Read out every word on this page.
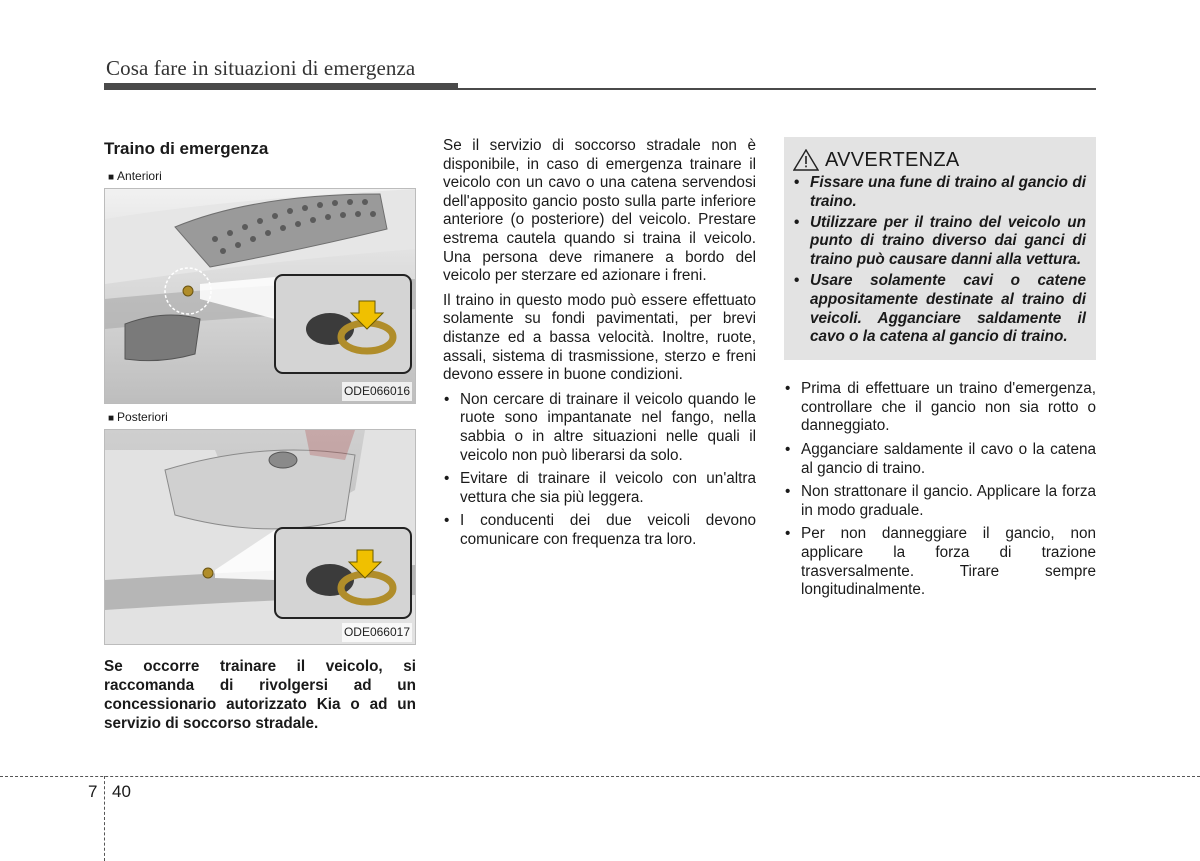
Cosa fare in situazioni di emergenza
Traino di emergenza
■ Anteriori
ODE066016
■ Posteriori
ODE066017
Se occorre trainare il veicolo, si raccomanda di rivolgersi ad un concessionario autorizzato Kia o ad un servizio di soccorso stradale.

Se il servizio di soccorso stradale non è disponibile, in caso di emergenza trainare il veicolo con un cavo o una catena servendosi dell'apposito gancio posto sulla parte inferiore anteriore (o posteriore) del veicolo. Prestare estrema cautela quando si traina il veicolo. Una persona deve rimanere a bordo del veicolo per sterzare ed azionare i freni.

Il traino in questo modo può essere effettuato solamente su fondi pavimentati, per brevi distanze ed a bassa velocità. Inoltre, ruote, assali, sistema di trasmissione, sterzo e freni devono essere in buone condizioni.

• Non cercare di trainare il veicolo quando le ruote sono impantanate nel fango, nella sabbia o in altre situazioni nelle quali il veicolo non può liberarsi da solo.
• Evitare di trainare il veicolo con un'altra vettura che sia più leggera.
• I conducenti dei due veicoli devono comunicare con frequenza tra loro.
AVVERTENZA
• Fissare una fune di traino al gancio di traino.
• Utilizzare per il traino del veicolo un punto di traino diverso dai ganci di traino può causare danni alla vettura.
• Usare solamente cavi o catene appositamente destinate al traino di veicoli. Agganciare saldamente il cavo o la catena al gancio di traino.
• Prima di effettuare un traino d'emergenza, controllare che il gancio non sia rotto o danneggiato.
• Agganciare saldamente il cavo o la catena al gancio di traino.
• Non strattonare il gancio. Applicare la forza in modo graduale.
• Per non danneggiare il gancio, non applicare la forza di trazione trasversalmente. Tirare sempre longitudinalmente.
7 40
